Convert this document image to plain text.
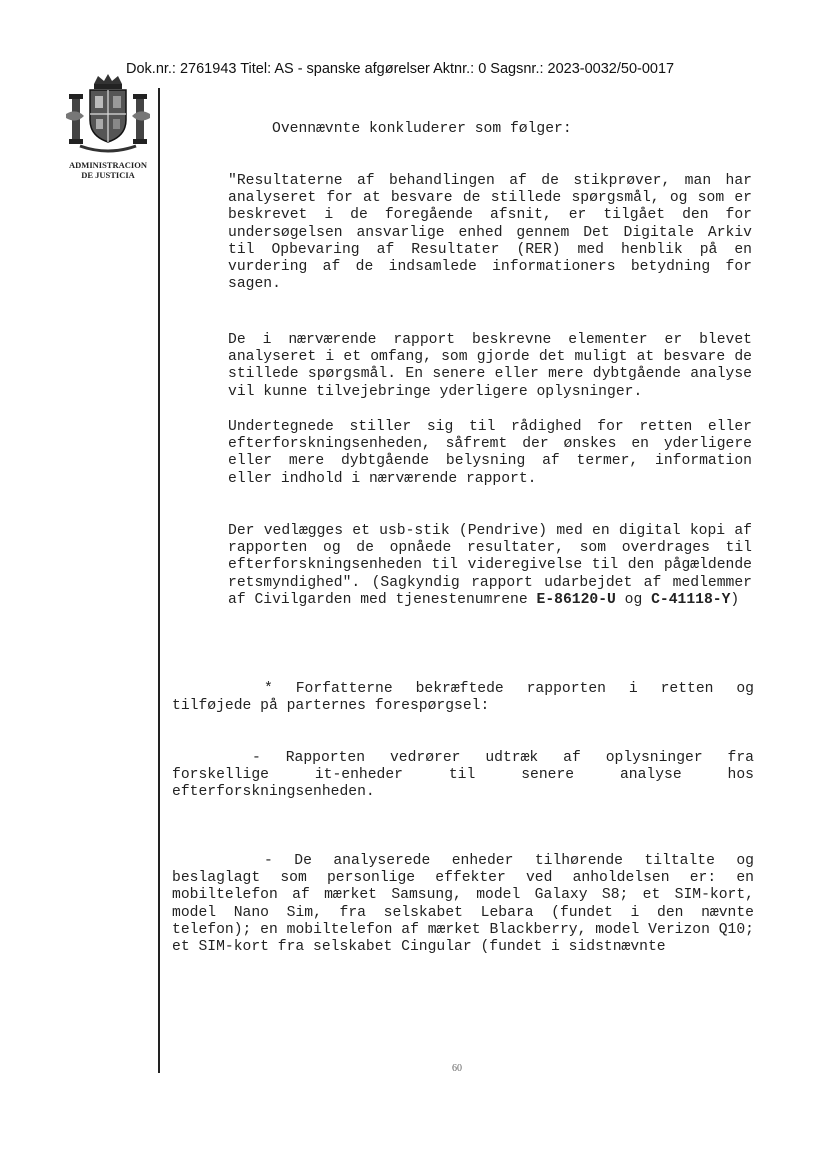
Dok.nr.: 2761943 Titel: AS - spanske afgørelser Aktnr.: 0 Sagsnr.: 2023-0032/50-0017
ADMINISTRACION
DE JUSTICIA
Ovennævnte konkluderer som følger:
"Resultaterne af behandlingen af de stikprøver, man har analyseret for at besvare de stillede spørgsmål, og som er beskrevet i de foregående afsnit, er tilgået den for undersøgelsen ansvarlige enhed gennem Det Digitale Arkiv til Opbevaring af Resultater (RER) med henblik på en vurdering af de indsamlede informationers betydning for sagen.
De i nærværende rapport beskrevne elementer er blevet analyseret i et omfang, som gjorde det muligt at besvare de stillede spørgsmål. En senere eller mere dybtgående analyse vil kunne tilvejebringe yderligere oplysninger.
Undertegnede stiller sig til rådighed for retten eller efterforskningsenheden, såfremt der ønskes en yderligere eller mere dybtgående belysning af termer, information eller indhold i nærværende rapport.
Der vedlægges et usb-stik (Pendrive) med en digital kopi af rapporten og de opnåede resultater, som overdrages til efterforskningsenheden til videregivelse til den pågældende retsmyndighed". (Sagkyndig rapport udarbejdet af medlemmer af Civilgarden med tjenestenumrene E-86120-U og C-41118-Y)
* Forfatterne bekræftede rapporten i retten og tilføjede på parternes forespørgsel:
- Rapporten vedrører udtræk af oplysninger fra forskellige it-enheder til senere analyse hos efterforskningsenheden.
- De analyserede enheder tilhørende tiltalte og beslaglagt som personlige effekter ved anholdelsen er: en mobiltelefon af mærket Samsung, model Galaxy S8; et SIM-kort, model Nano Sim, fra selskabet Lebara (fundet i den nævnte telefon); en mobiltelefon af mærket Blackberry, model Verizon Q10; et SIM-kort fra selskabet Cingular (fundet i sidstnævnte
60
